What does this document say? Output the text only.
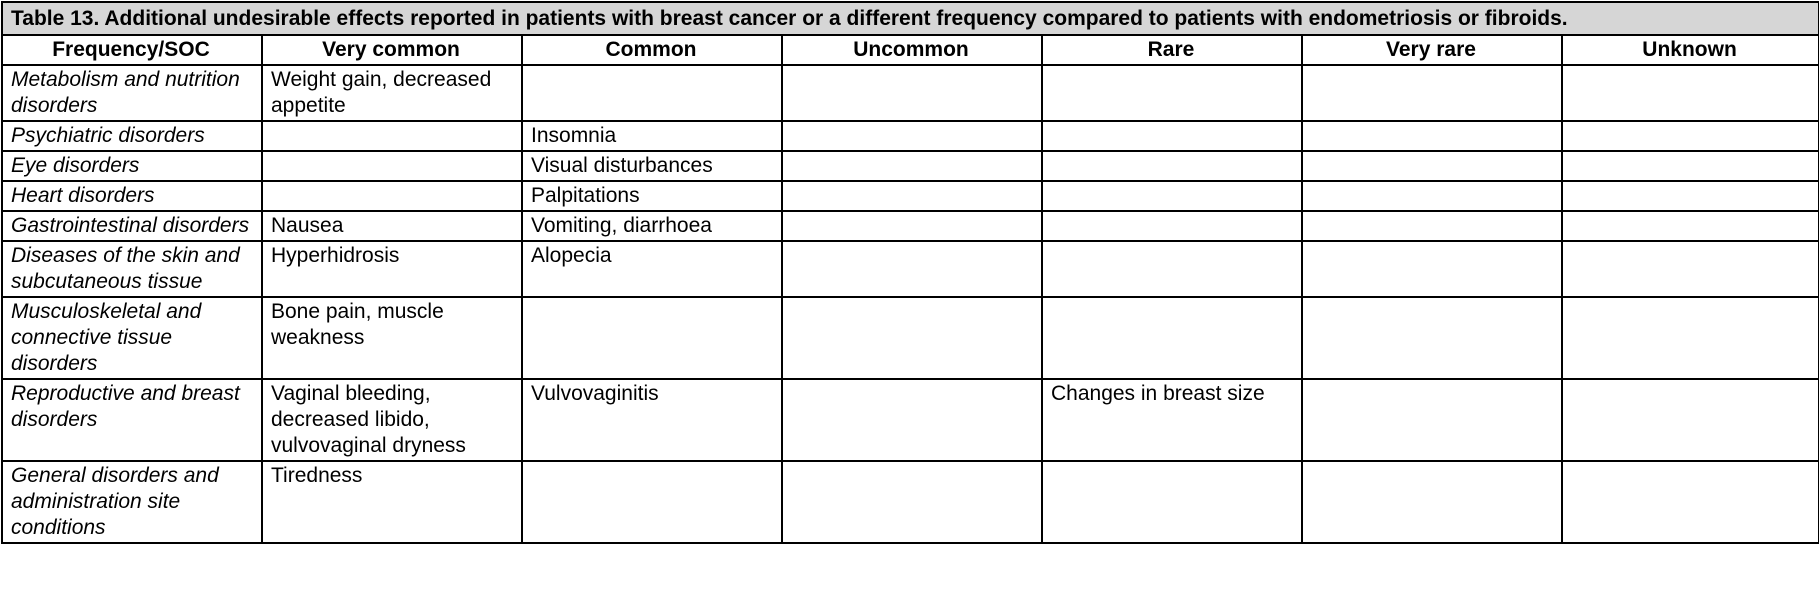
Table 13. Additional undesirable effects reported in patients with breast cancer or a different frequency compared to patients with endometriosis or fibroids.						
Frequency/SOC	Very common	Common	Uncommon	Rare	Very rare	Unknown
Metabolism and nutrition disorders	Weight gain, decreased appetite					
Psychiatric disorders		Insomnia				
Eye disorders		Visual disturbances				
Heart disorders		Palpitations				
Gastrointestinal disorders	Nausea	Vomiting, diarrhoea				
Diseases of the skin and subcutaneous tissue	Hyperhidrosis	Alopecia				
Musculoskeletal and connective tissue disorders	Bone pain, muscle weakness					
Reproductive and breast disorders	Vaginal bleeding, decreased libido, vulvovaginal dryness	Vulvovaginitis		Changes in breast size		
General disorders and administration site conditions	Tiredness					
